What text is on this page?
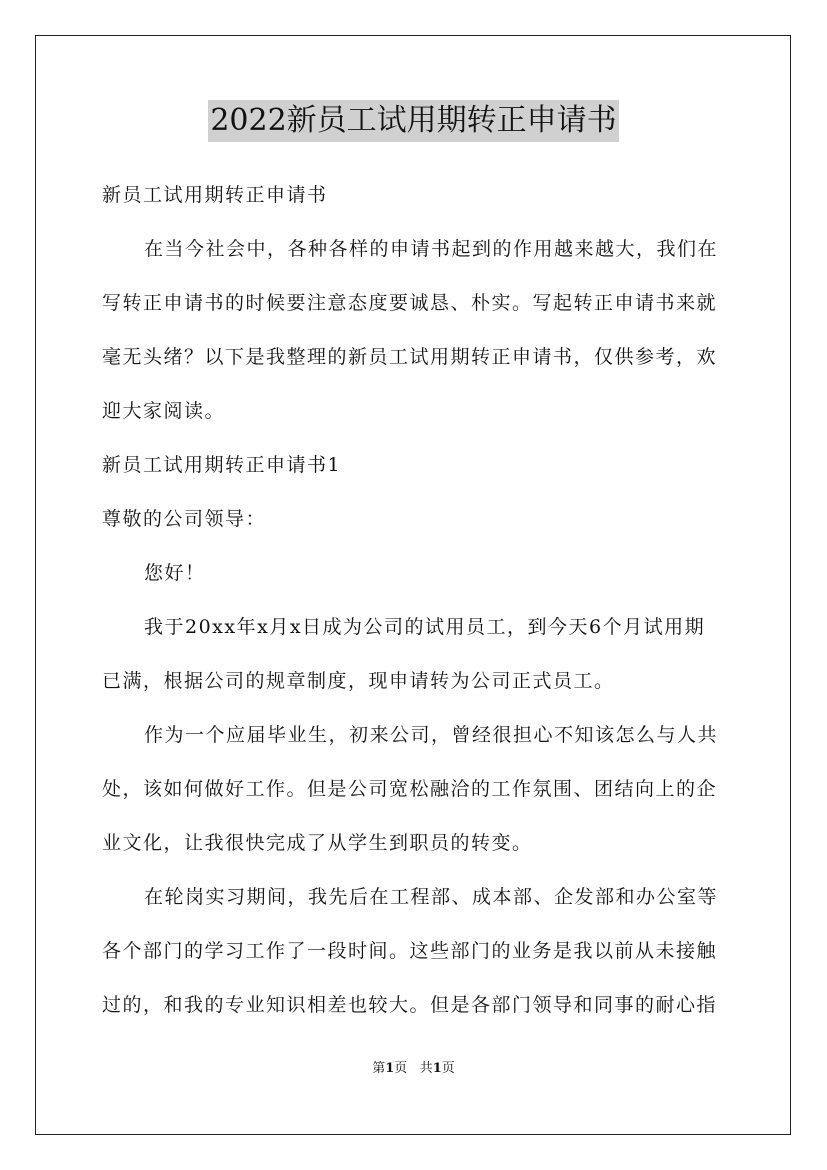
2022新员工试用期转正申请书
新员工试用期转正申请书
在当今社会中，各种各样的申请书起到的作用越来越大，我们在
写转正申请书的时候要注意态度要诚恳、朴实。写起转正申请书来就
毫无头绪？以下是我整理的新员工试用期转正申请书，仅供参考，欢
迎大家阅读。
新员工试用期转正申请书1
尊敬的公司领导：
您好！
我于20xx年x月x日成为公司的试用员工，到今天6个月试用期
已满，根据公司的规章制度，现申请转为公司正式员工。
作为一个应届毕业生，初来公司，曾经很担心不知该怎么与人共
处，该如何做好工作。但是公司宽松融洽的工作氛围、团结向上的企
业文化，让我很快完成了从学生到职员的转变。
在轮岗实习期间，我先后在工程部、成本部、企发部和办公室等
各个部门的学习工作了一段时间。这些部门的业务是我以前从未接触
过的，和我的专业知识相差也较大。但是各部门领导和同事的耐心指
第1页 共1页
